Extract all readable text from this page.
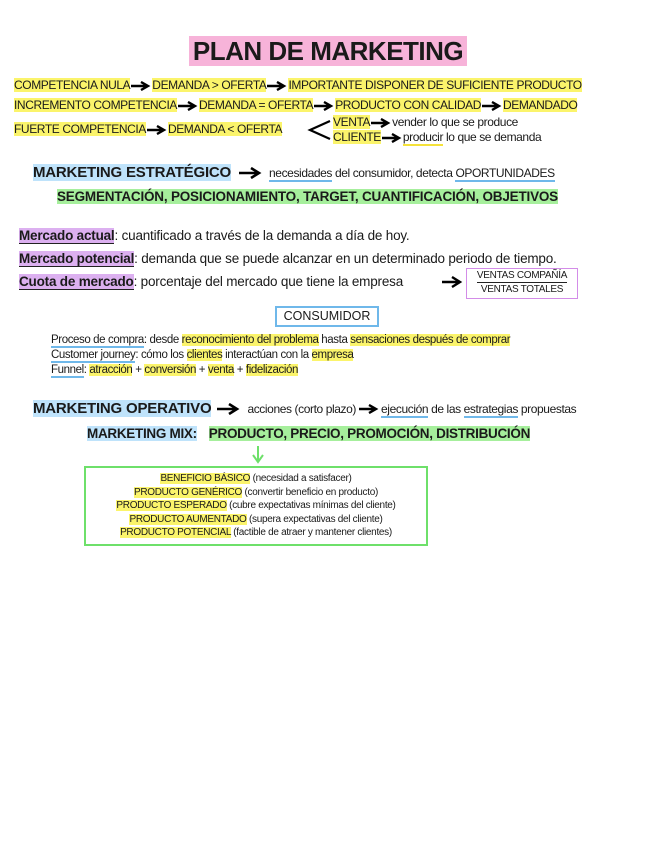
PLAN DE MARKETING
COMPETENCIA NULA DEMANDA > OFERTA IMPORTANTE DISPONER DE SUFICIENTE PRODUCTO
INCREMENTO COMPETENCIA DEMANDA = OFERTA PRODUCTO CON CALIDAD DEMANDADO
FUERTE COMPETENCIA DEMANDA < OFERTA	VENTA vender lo que se produce
CLIENTE producir lo que se demanda
MARKETING ESTRATÉGICO	necesidades del consumidor, detecta OPORTUNIDADES
SEGMENTACIÓN, POSICIONAMIENTO, TARGET, CUANTIFICACIÓN, OBJETIVOS
Mercado actual: cuantificado a través de la demanda a día de hoy.
Mercado potencial: demanda que se puede alcanzar en un determinado periodo de tiempo.
Cuota de mercado: porcentaje del mercado que tiene la empresa	VENTAS COMPAÑÍA
VENTAS TOTALES
CONSUMIDOR
Proceso de compra: desde reconocimiento del problema hasta sensaciones después de comprar
Customer journey: cómo los clientes interactúan con la empresa
Funnel: atracción + conversión + venta + fidelización
MARKETING OPERATIVO	acciones (corto plazo) ejecución de las estrategias propuestas
MARKETING MIX: PRODUCTO, PRECIO, PROMOCIÓN, DISTRIBUCIÓN
BENEFICIO BÁSICO (necesidad a satisfacer)
PRODUCTO GENÉRICO (convertir beneficio en producto)
PRODUCTO ESPERADO (cubre expectativas mínimas del cliente)
PRODUCTO AUMENTADO (supera expectativas del cliente)
PRODUCTO POTENCIAL (factible de atraer y mantener clientes)
